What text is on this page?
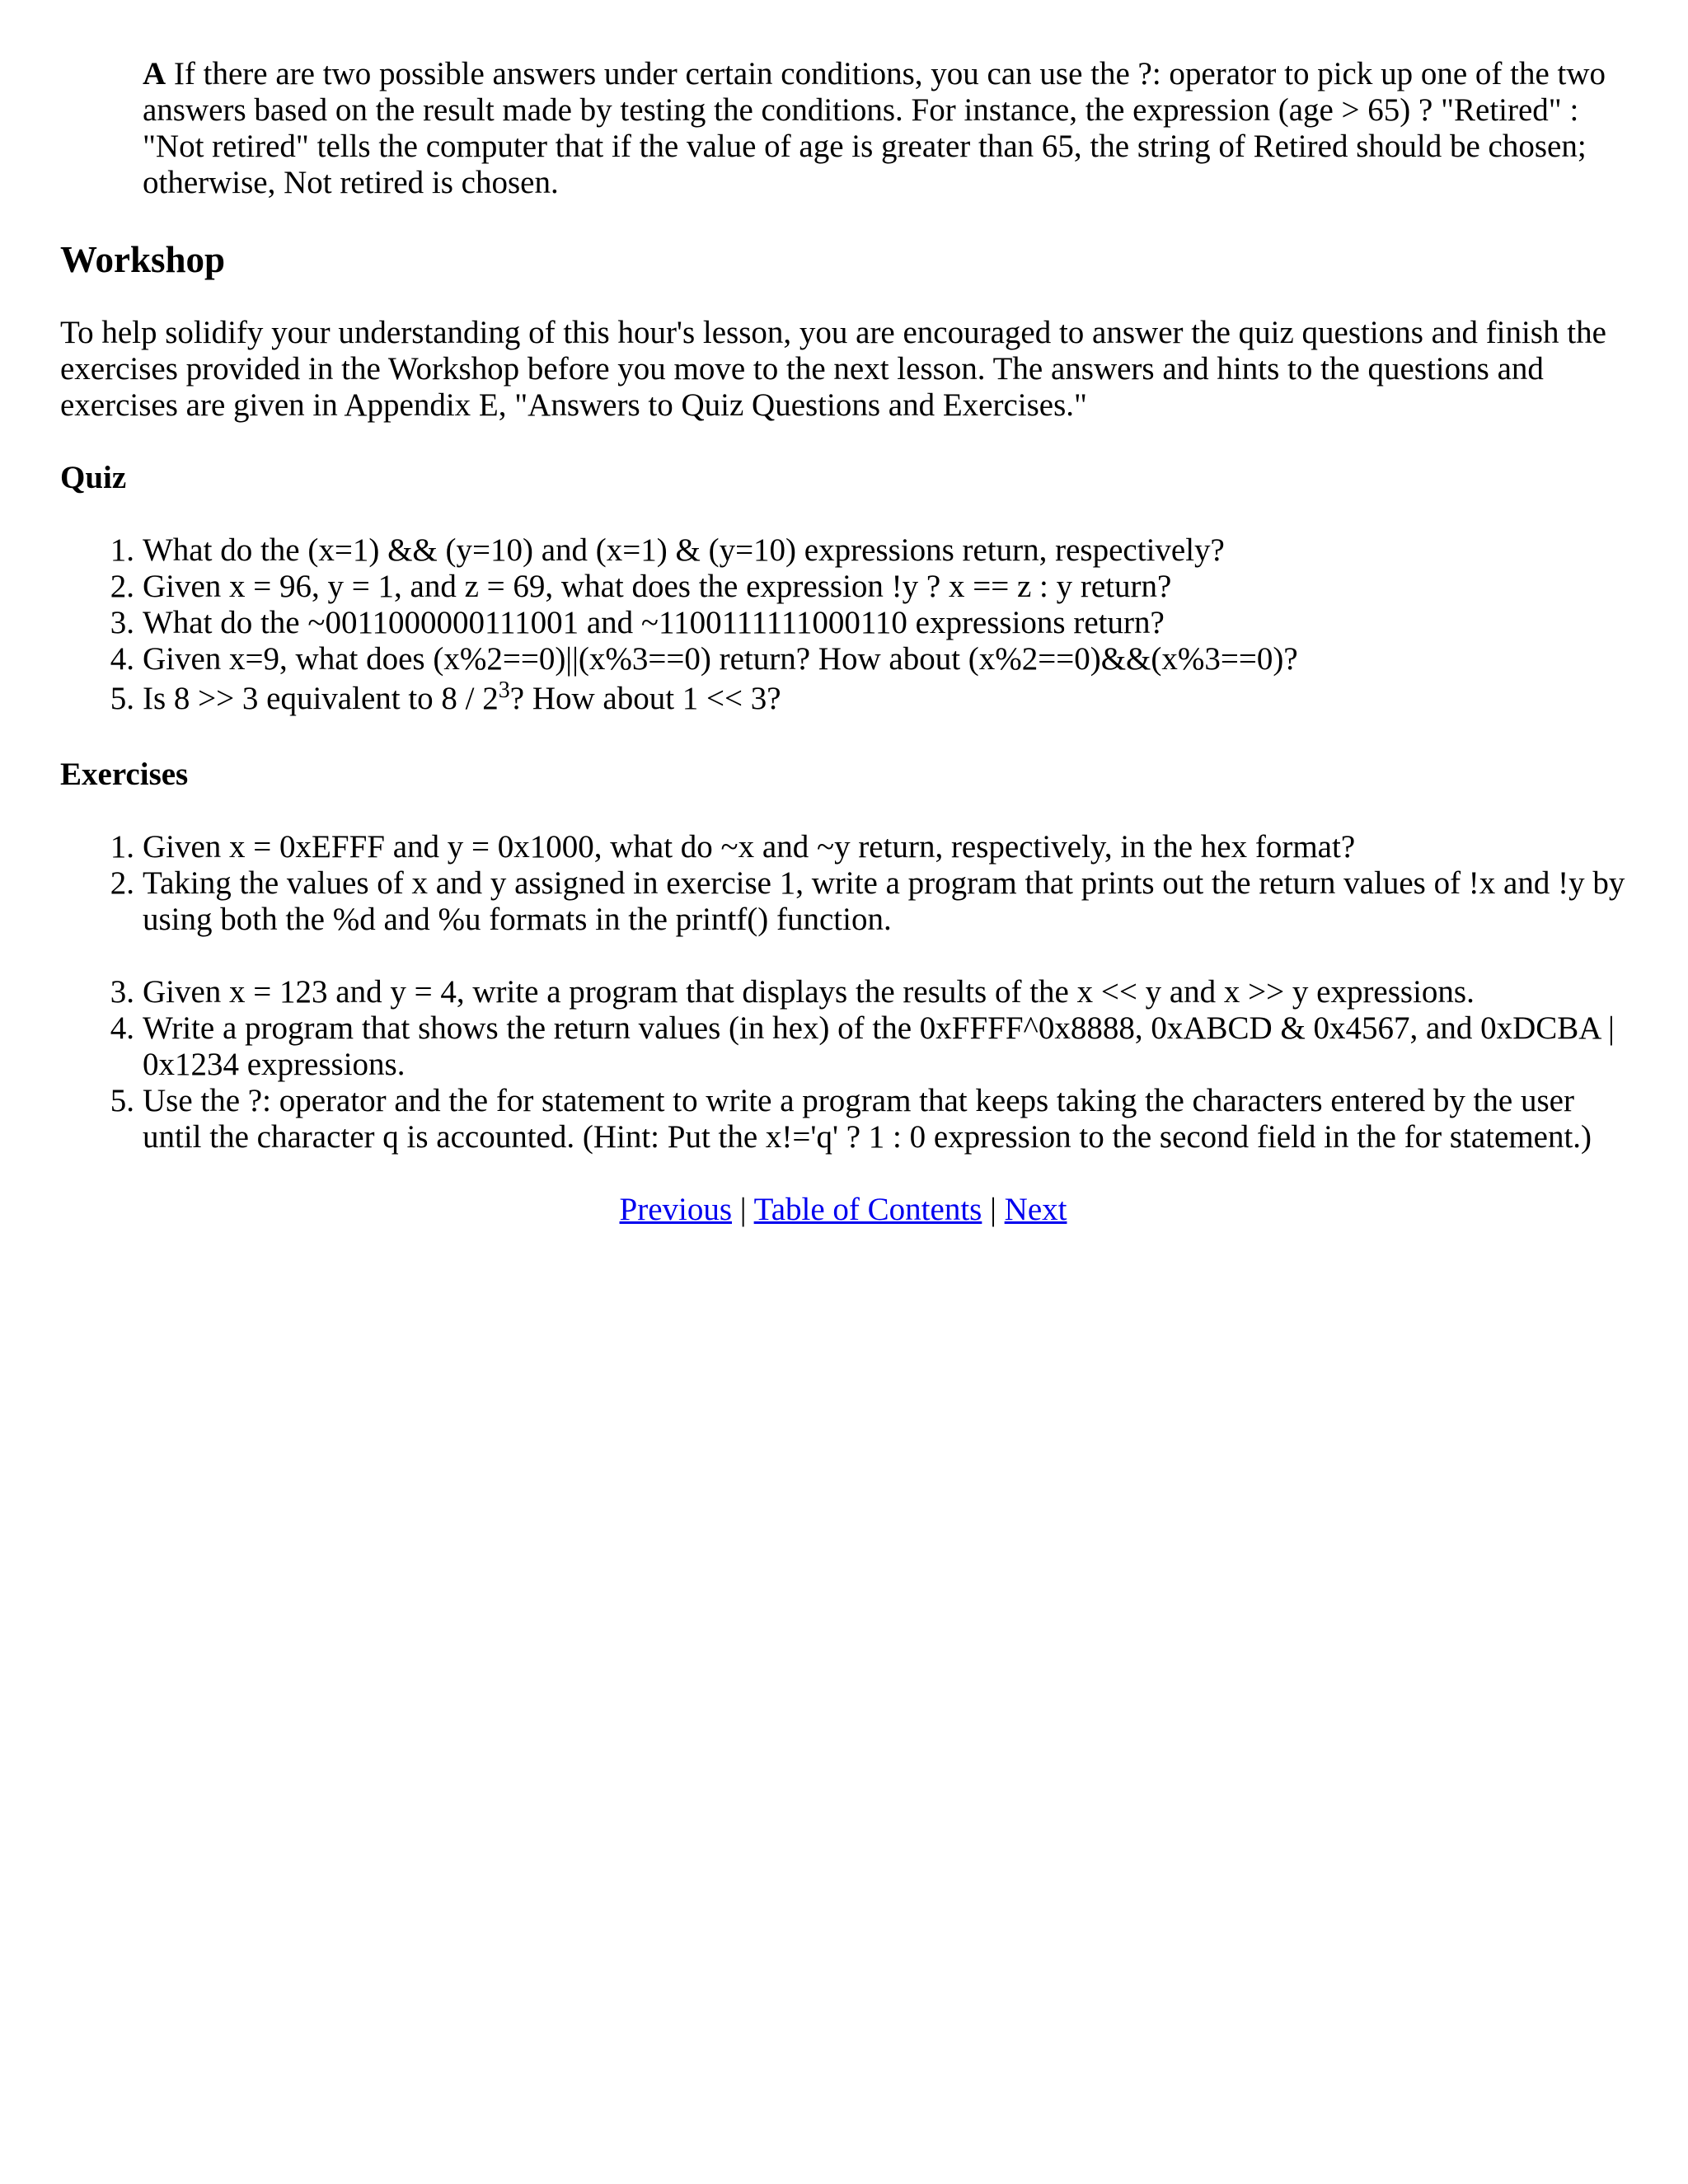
A If there are two possible answers under certain conditions, you can use the ?: operator to pick up one of the two answers based on the result made by testing the conditions. For instance, the expression (age > 65) ? "Retired" : "Not retired" tells the computer that if the value of age is greater than 65, the string of Retired should be chosen; otherwise, Not retired is chosen.

Workshop

To help solidify your understanding of this hour's lesson, you are encouraged to answer the quiz questions and finish the exercises provided in the Workshop before you move to the next lesson. The answers and hints to the questions and exercises are given in Appendix E, "Answers to Quiz Questions and Exercises."

Quiz
1. What do the (x=1) && (y=10) and (x=1) & (y=10) expressions return, respectively?
2. Given x = 96, y = 1, and z = 69, what does the expression !y ? x == z : y return?
3. What do the ~0011000000111001 and ~1100111111000110 expressions return?
4. Given x=9, what does (x%2==0)||(x%3==0) return? How about (x%2==0)&&(x%3==0)?
5. Is 8 >> 3 equivalent to $8 / 2^3$? How about 1 << 3?
Exercises
1. Given x = 0xEFFF and y = 0x1000, what do ~x and ~y return, respectively, in the hex format?
2. Taking the values of x and y assigned in exercise 1, write a program that prints out the return values of !x and !y by using both the %d and %u formats in the printf() function.
3. Given x = 123 and y = 4, write a program that displays the results of the x << y and x >> y expressions.
4. Write a program that shows the return values (in hex) of the 0xFFFF^0x8888, 0xABCD & 0x4567, and 0xDCBA | 0x1234 expressions.
5. Use the ?: operator and the for statement to write a program that keeps taking the characters entered by the user until the character q is accounted. (Hint: Put the x!='q' ? 1 : 0 expression to the second field in the for statement.)
Previous | Table of Contents | Next
